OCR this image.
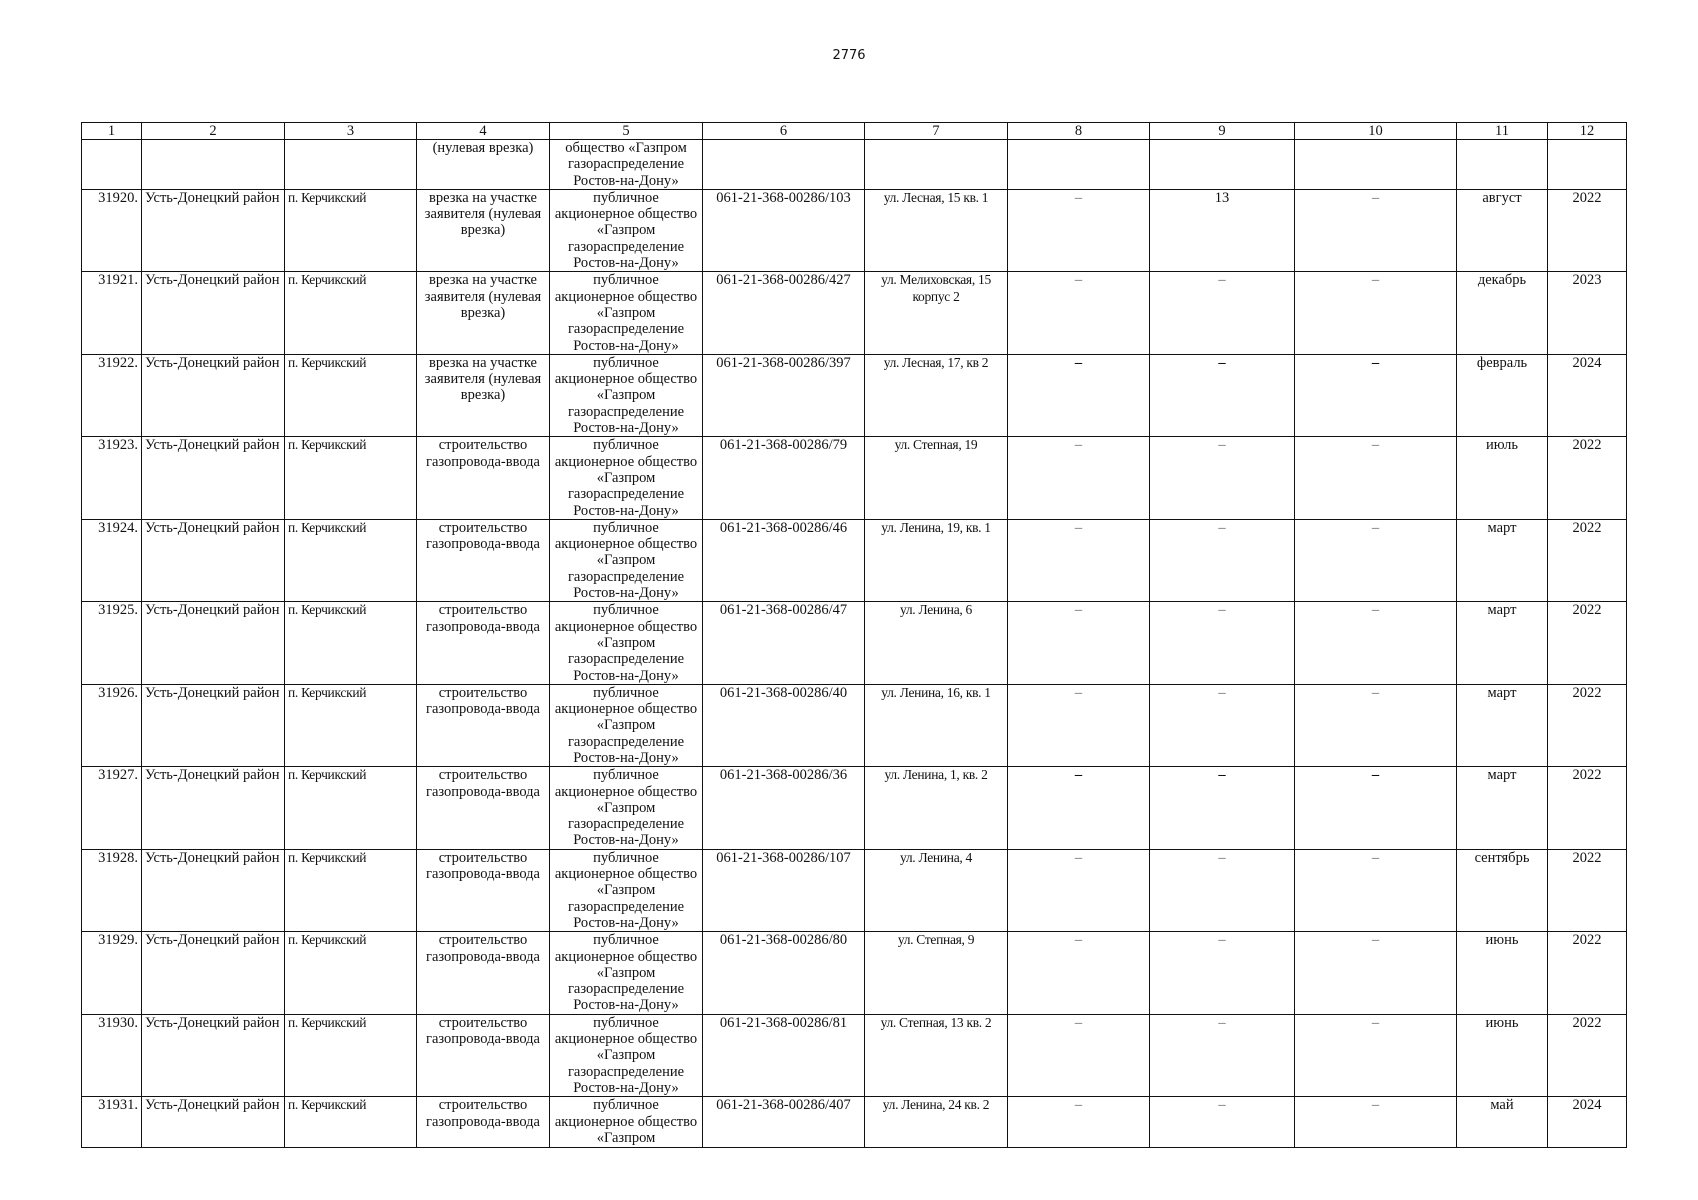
2776
1	2	3	4	5	6	7	8	9	10	11	12
			(нулевая врезка)	общество «Газпром газораспределение Ростов-на-Дону»							
31920.	Усть-Донецкий район	п. Керчикский	врезка на участке заявителя (нулевая врезка)	публичное акционерное общество «Газпром газораспределение Ростов-на-Дону»	061-21-368-00286/103	ул. Лесная, 15 кв. 1	–	13	–	август	2022
31921.	Усть-Донецкий район	п. Керчикский	врезка на участке заявителя (нулевая врезка)	публичное акционерное общество «Газпром газораспределение Ростов-на-Дону»	061-21-368-00286/427	ул. Мелиховская, 15 корпус 2	–	–	–	декабрь	2023
31922.	Усть-Донецкий район	п. Керчикский	врезка на участке заявителя (нулевая врезка)	публичное акционерное общество «Газпром газораспределение Ростов-на-Дону»	061-21-368-00286/397	ул. Лесная, 17, кв 2	–	–	–	февраль	2024
31923.	Усть-Донецкий район	п. Керчикский	строительство газопровода-ввода	публичное акционерное общество «Газпром газораспределение Ростов-на-Дону»	061-21-368-00286/79	ул. Степная, 19	–	–	–	июль	2022
31924.	Усть-Донецкий район	п. Керчикский	строительство газопровода-ввода	публичное акционерное общество «Газпром газораспределение Ростов-на-Дону»	061-21-368-00286/46	ул. Ленина, 19, кв. 1	–	–	–	март	2022
31925.	Усть-Донецкий район	п. Керчикский	строительство газопровода-ввода	публичное акционерное общество «Газпром газораспределение Ростов-на-Дону»	061-21-368-00286/47	ул. Ленина, 6	–	–	–	март	2022
31926.	Усть-Донецкий район	п. Керчикский	строительство газопровода-ввода	публичное акционерное общество «Газпром газораспределение Ростов-на-Дону»	061-21-368-00286/40	ул. Ленина, 16, кв. 1	–	–	–	март	2022
31927.	Усть-Донецкий район	п. Керчикский	строительство газопровода-ввода	публичное акционерное общество «Газпром газораспределение Ростов-на-Дону»	061-21-368-00286/36	ул. Ленина, 1, кв. 2	–	–	–	март	2022
31928.	Усть-Донецкий район	п. Керчикский	строительство газопровода-ввода	публичное акционерное общество «Газпром газораспределение Ростов-на-Дону»	061-21-368-00286/107	ул. Ленина, 4	–	–	–	сентябрь	2022
31929.	Усть-Донецкий район	п. Керчикский	строительство газопровода-ввода	публичное акционерное общество «Газпром газораспределение Ростов-на-Дону»	061-21-368-00286/80	ул. Степная, 9	–	–	–	июнь	2022
31930.	Усть-Донецкий район	п. Керчикский	строительство газопровода-ввода	публичное акционерное общество «Газпром газораспределение Ростов-на-Дону»	061-21-368-00286/81	ул. Степная, 13 кв. 2	–	–	–	июнь	2022
31931.	Усть-Донецкий район	п. Керчикский	строительство газопровода-ввода	публичное акционерное общество «Газпром	061-21-368-00286/407	ул. Ленина, 24 кв. 2	–	–	–	май	2024
